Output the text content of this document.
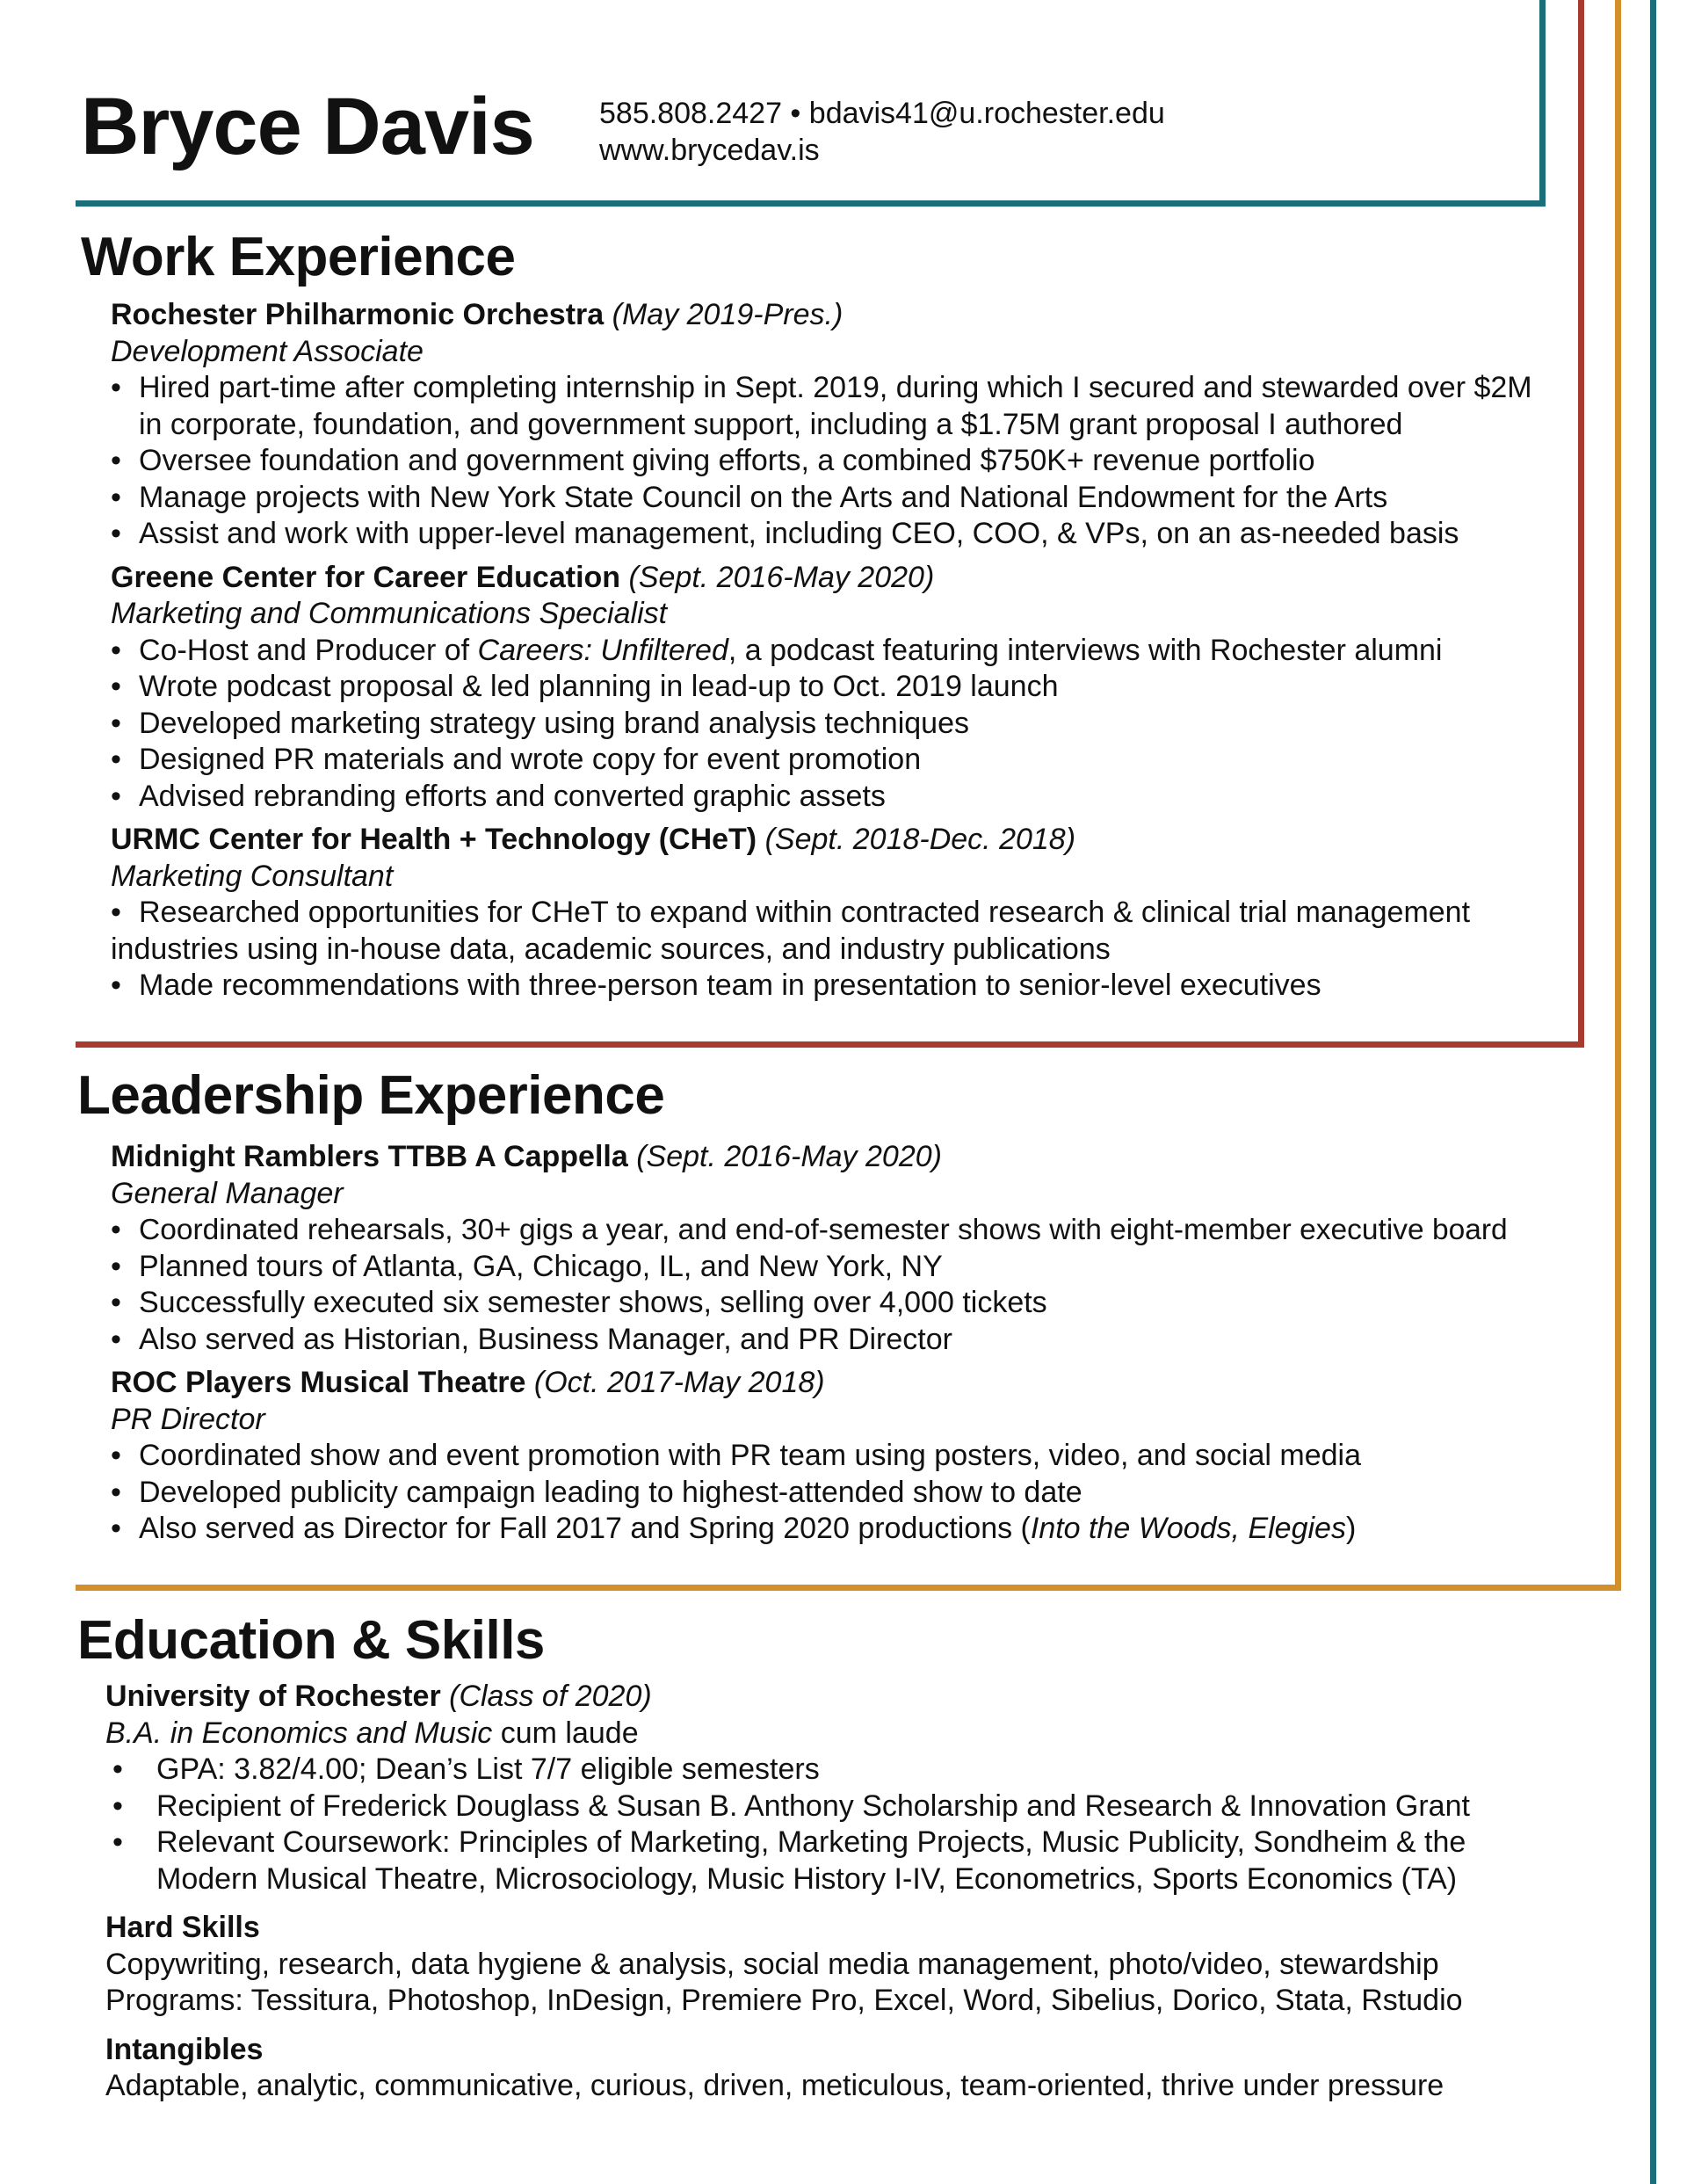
Bryce Davis 585.808.2427 • bdavis41@u.rochester.edu
www.brycedav.is
Work Experience
Rochester Philharmonic Orchestra (May 2019-Pres.)
Development Associate
• Hired part-time after completing internship in Sept. 2019, during which I secured and stewarded over $2M in corporate, foundation, and government support, including a $1.75M grant proposal I authored
• Oversee foundation and government giving efforts, a combined $750K+ revenue portfolio
• Manage projects with New York State Council on the Arts and National Endowment for the Arts
• Assist and work with upper-level management, including CEO, COO, & VPs, on an as-needed basis
Greene Center for Career Education (Sept. 2016-May 2020)
Marketing and Communications Specialist
• Co-Host and Producer of Careers: Unfiltered, a podcast featuring interviews with Rochester alumni
• Wrote podcast proposal & led planning in lead-up to Oct. 2019 launch
• Developed marketing strategy using brand analysis techniques
• Designed PR materials and wrote copy for event promotion
• Advised rebranding efforts and converted graphic assets
URMC Center for Health + Technology (CHeT) (Sept. 2018-Dec. 2018)
Marketing Consultant
• Researched opportunities for CHeT to expand within contracted research & clinical trial management industries using in-house data, academic sources, and industry publications
• Made recommendations with three-person team in presentation to senior-level executives
Leadership Experience
Midnight Ramblers TTBB A Cappella (Sept. 2016-May 2020)
General Manager
• Coordinated rehearsals, 30+ gigs a year, and end-of-semester shows with eight-member executive board
• Planned tours of Atlanta, GA, Chicago, IL, and New York, NY
• Successfully executed six semester shows, selling over 4,000 tickets
• Also served as Historian, Business Manager, and PR Director
ROC Players Musical Theatre (Oct. 2017-May 2018)
PR Director
• Coordinated show and event promotion with PR team using posters, video, and social media
• Developed publicity campaign leading to highest-attended show to date
• Also served as Director for Fall 2017 and Spring 2020 productions (Into the Woods, Elegies)
Education & Skills
University of Rochester (Class of 2020)
B.A. in Economics and Music cum laude
• GPA: 3.82/4.00; Dean’s List 7/7 eligible semesters
• Recipient of Frederick Douglass & Susan B. Anthony Scholarship and Research & Innovation Grant
• Relevant Coursework: Principles of Marketing, Marketing Projects, Music Publicity, Sondheim & the Modern Musical Theatre, Microsociology, Music History I-IV, Econometrics, Sports Economics (TA)
Hard Skills
Copywriting, research, data hygiene & analysis, social media management, photo/video, stewardship
Programs: Tessitura, Photoshop, InDesign, Premiere Pro, Excel, Word, Sibelius, Dorico, Stata, Rstudio
Intangibles
Adaptable, analytic, communicative, curious, driven, meticulous, team-oriented, thrive under pressure
